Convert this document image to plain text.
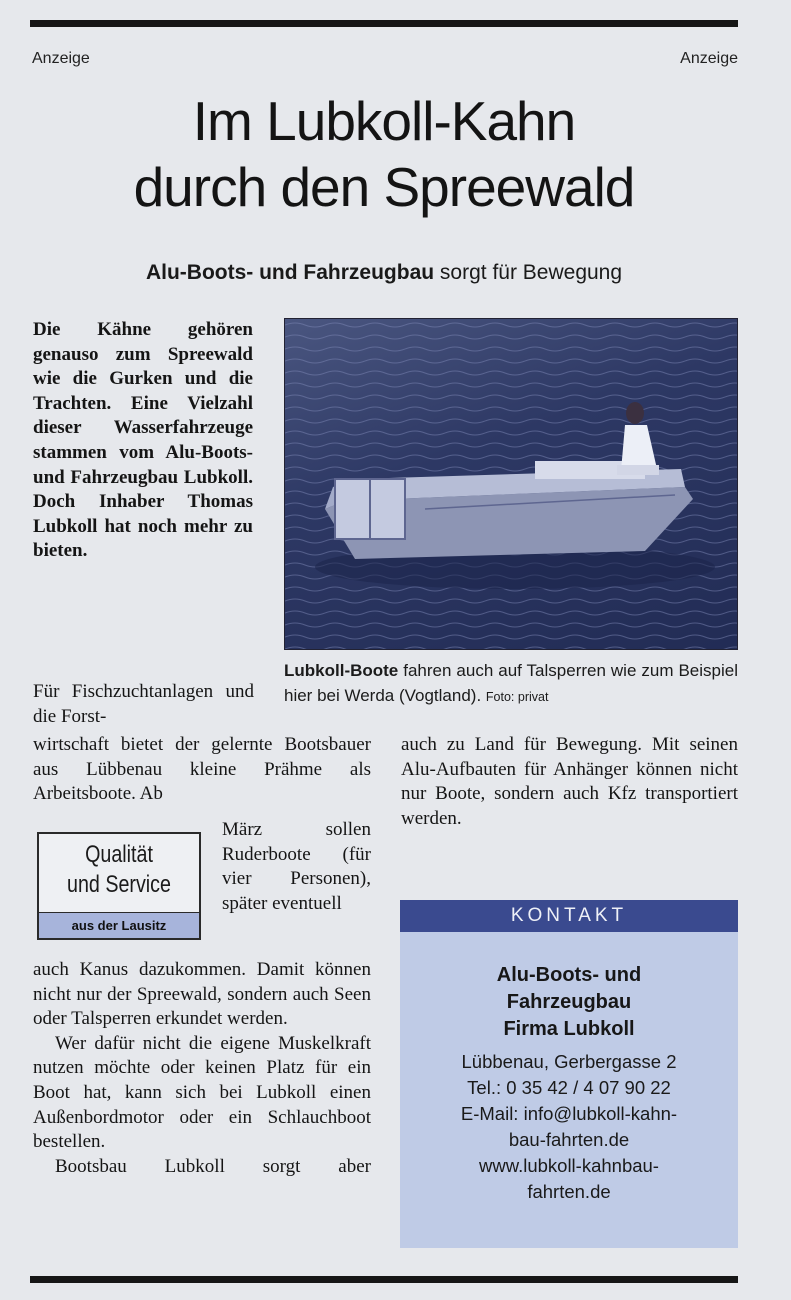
Anzeige	Anzeige
Im Lubkoll-Kahn
durch den Spreewald
Alu-Boots- und Fahrzeugbau sorgt für Bewegung

Die Kähne gehören genauso zum Spreewald wie die Gurken und die Trachten. Eine Vielzahl dieser Wasserfahrzeuge stammen vom Alu-Boots- und Fahrzeugbau Lubkoll. Doch Inhaber Thomas Lubkoll hat noch mehr zu bieten.

Lubkoll-Boote fahren auch auf Talsperren wie zum Beispiel hier bei Werda (Vogtland). Foto: privat

Für Fischzuchtanlagen und die Forst-

wirtschaft bietet der gelernte Bootsbauer aus Lübbenau kleine Prähme als Arbeitsboote. Ab

März sollen Ruderboote (für vier Personen), später eventuell

auch Kanus dazukommen. Damit können nicht nur der Spreewald, sondern auch Seen oder Talsperren erkundet werden.
Wer dafür nicht die eigene Muskelkraft nutzen möchte oder keinen Platz für ein Boot hat, kann sich bei Lubkoll einen Außenbordmotor oder ein Schlauchboot bestellen.
Bootsbau Lubkoll sorgt aber

auch zu Land für Bewegung. Mit seinen Alu-Aufbauten für Anhänger können nicht nur Boote, sondern auch Kfz transportiert werden.

Qualität
und Service
aus der Lausitz	KONTAKT
Alu-Boots- und
Fahrzeugbau
Firma Lubkoll
Lübbenau, Gerbergasse 2
Tel.: 0 35 42 / 4 07 90 22
E-Mail: info@lubkoll-kahn-
bau-fahrten.de
www.lubkoll-kahnbau-
fahrten.de
